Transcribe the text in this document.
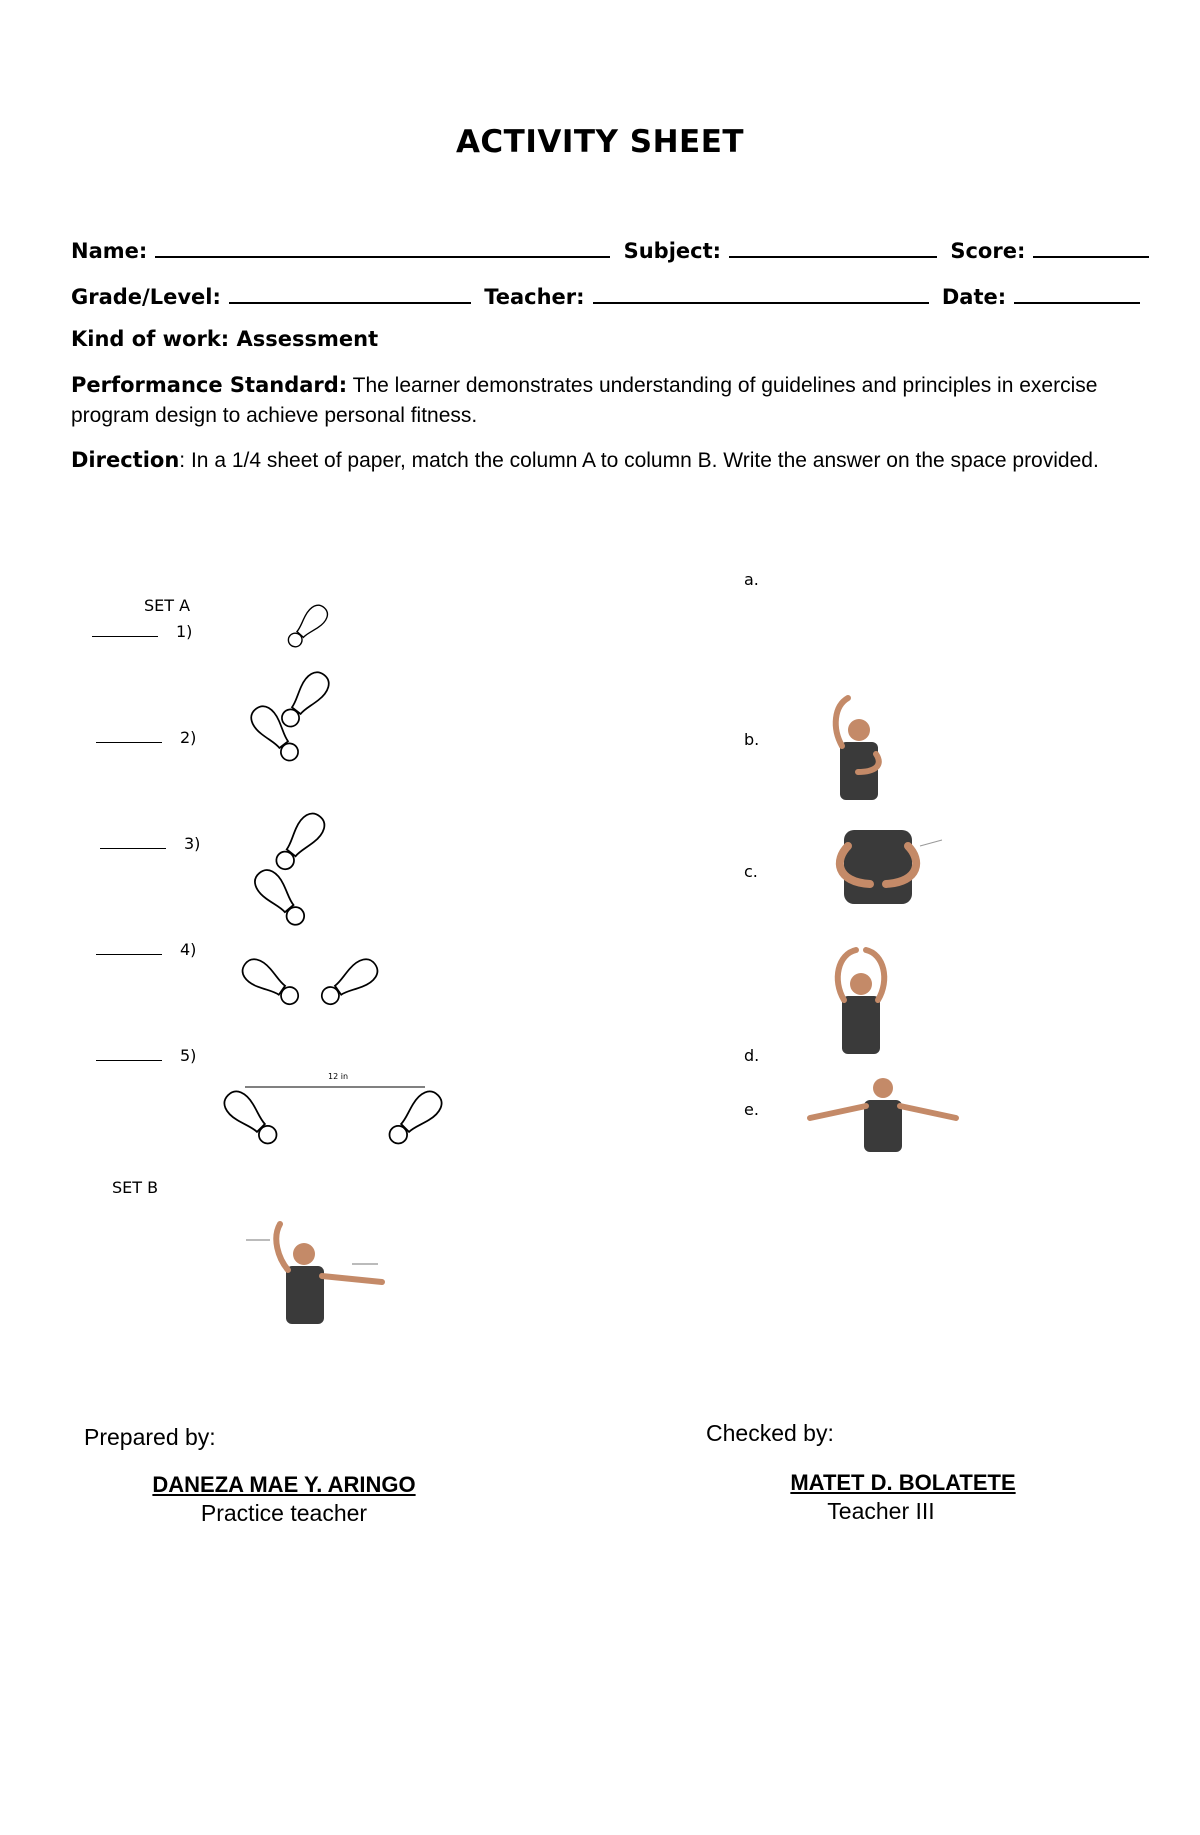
ACTIVITY SHEET
Name:	Subject:	Score:
Grade/Level:	Teacher:	Date:
Kind of work: Assessment
Performance Standard: The learner demonstrates understanding of guidelines and principles in exercise program design to achieve personal fitness.
Direction: In a 1/4 sheet of paper, match the column A to column B. Write the answer on the space provided.
SET A
1)
2)
3)
4)
5)
12 in
SET B
a.
b.
c.
d.
e.
Prepared by:
DANEZA MAE Y. ARINGO
Practice teacher
Checked by:
MATET D. BOLATETE
Teacher III
